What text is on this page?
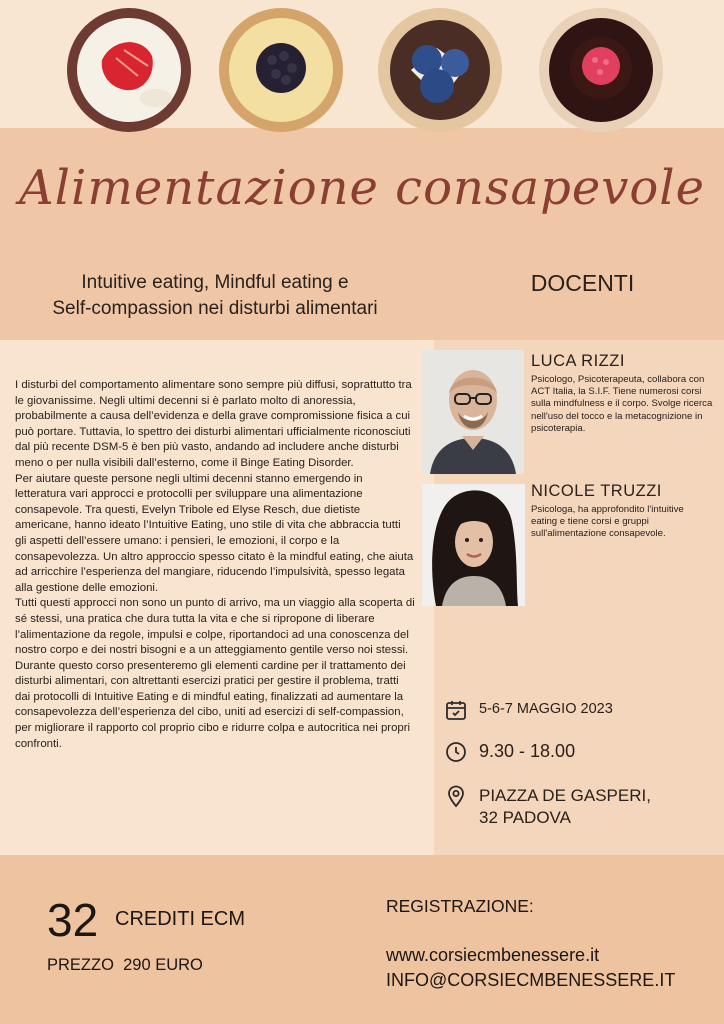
Alimentazione consapevole
Intuitive eating, Mindful eating e
Self-compassion nei disturbi alimentari
DOCENTI

I disturbi del comportamento alimentare sono sempre più diffusi, soprattutto tra le giovanissime. Negli ultimi decenni si è parlato molto di anoressia, probabilmente a causa dell’evidenza e della grave compromissione fisica a cui può portare. Tuttavia, lo spettro dei disturbi alimentari ufficialmente riconosciuti dal più recente DSM-5 è ben più vasto, andando ad includere anche disturbi meno o per nulla visibili dall’esterno, come il Binge Eating Disorder.

Per aiutare queste persone negli ultimi decenni stanno emergendo in letteratura vari approcci e protocolli per sviluppare una alimentazione consapevole. Tra questi, Evelyn Tribole ed Elyse Resch, due dietiste americane, hanno ideato l’Intuitive Eating, uno stile di vita che abbraccia tutti gli aspetti dell’essere umano: i pensieri, le emozioni, il corpo e la consapevolezza. Un altro approccio spesso citato è la mindful eating, che aiuta ad arricchire l’esperienza del mangiare, riducendo l’impulsività, spesso legata alla gestione delle emozioni.

Tutti questi approcci non sono un punto di arrivo, ma un viaggio alla scoperta di sé stessi, una pratica che dura tutta la vita e che si ripropone di liberare l’alimentazione da regole, impulsi e colpe, riportandoci ad una conoscenza del nostro corpo e dei nostri bisogni e a un atteggiamento gentile verso noi stessi.

Durante questo corso presenteremo gli elementi cardine per il trattamento dei disturbi alimentari, con altrettanti esercizi pratici per gestire il problema, tratti dai protocolli di Intuitive Eating e di mindful eating, finalizzati ad aumentare la consapevolezza dell’esperienza del cibo, uniti ad esercizi di self-compassion, per migliorare il rapporto col proprio cibo e ridurre colpa e autocritica nei propri confronti.

LUCA RIZZI
Psicologo, Psicoterapeuta, collabora con ACT Italia, la S.I.F. Tiene numerosi corsi sulla mindfulness e il corpo. Svolge ricerca nell'uso del tocco e la metacognizione in psicoterapia.
NICOLE TRUZZI
Psicologa, ha approfondito l'intuitive eating e tiene corsi e gruppi sull'alimentazione consapevole.
5-6-7 MAGGIO 2023
9.30 - 18.00
PIAZZA DE GASPERI,
32 PADOVA
32 CREDITI ECM
PREZZO 290 EURO
REGISTRAZIONE:
www.corsiecmbenessere.it
INFO@CORSIECMBENESSERE.IT
